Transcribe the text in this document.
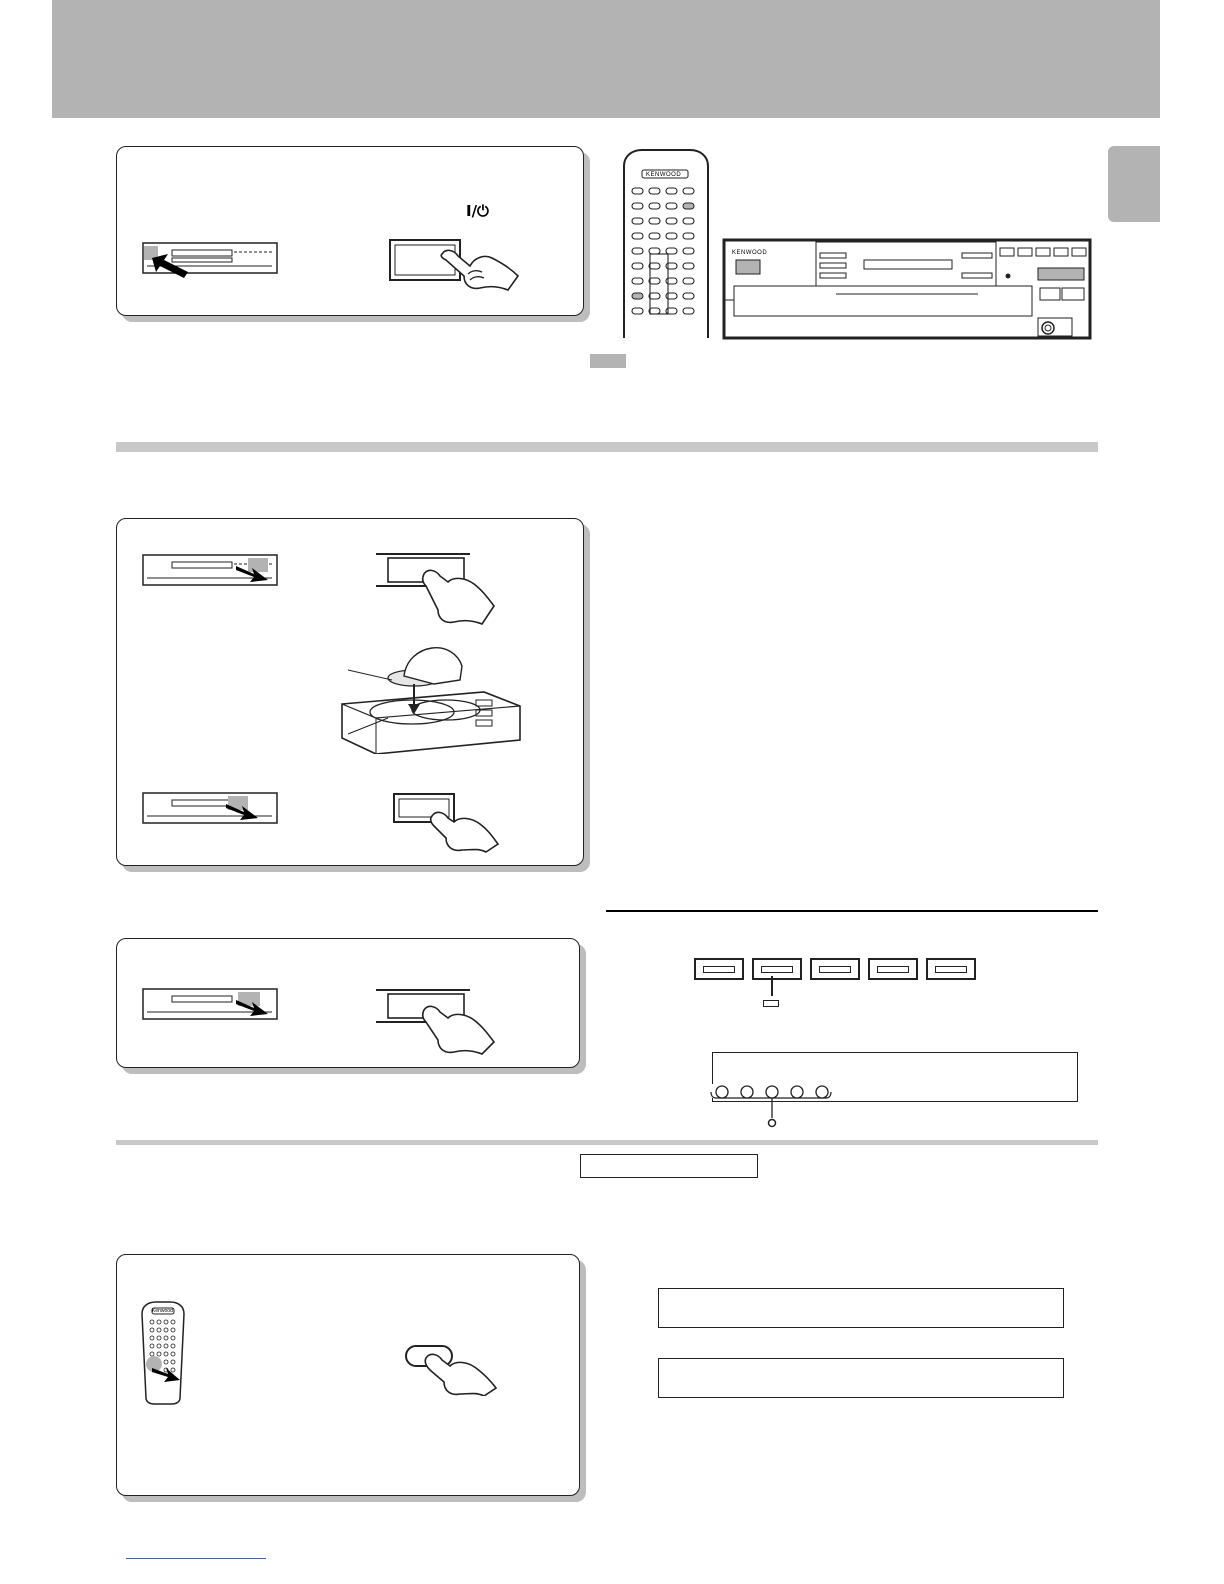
I/⏻
KENWOOD
KENWOOD
Kenwood
